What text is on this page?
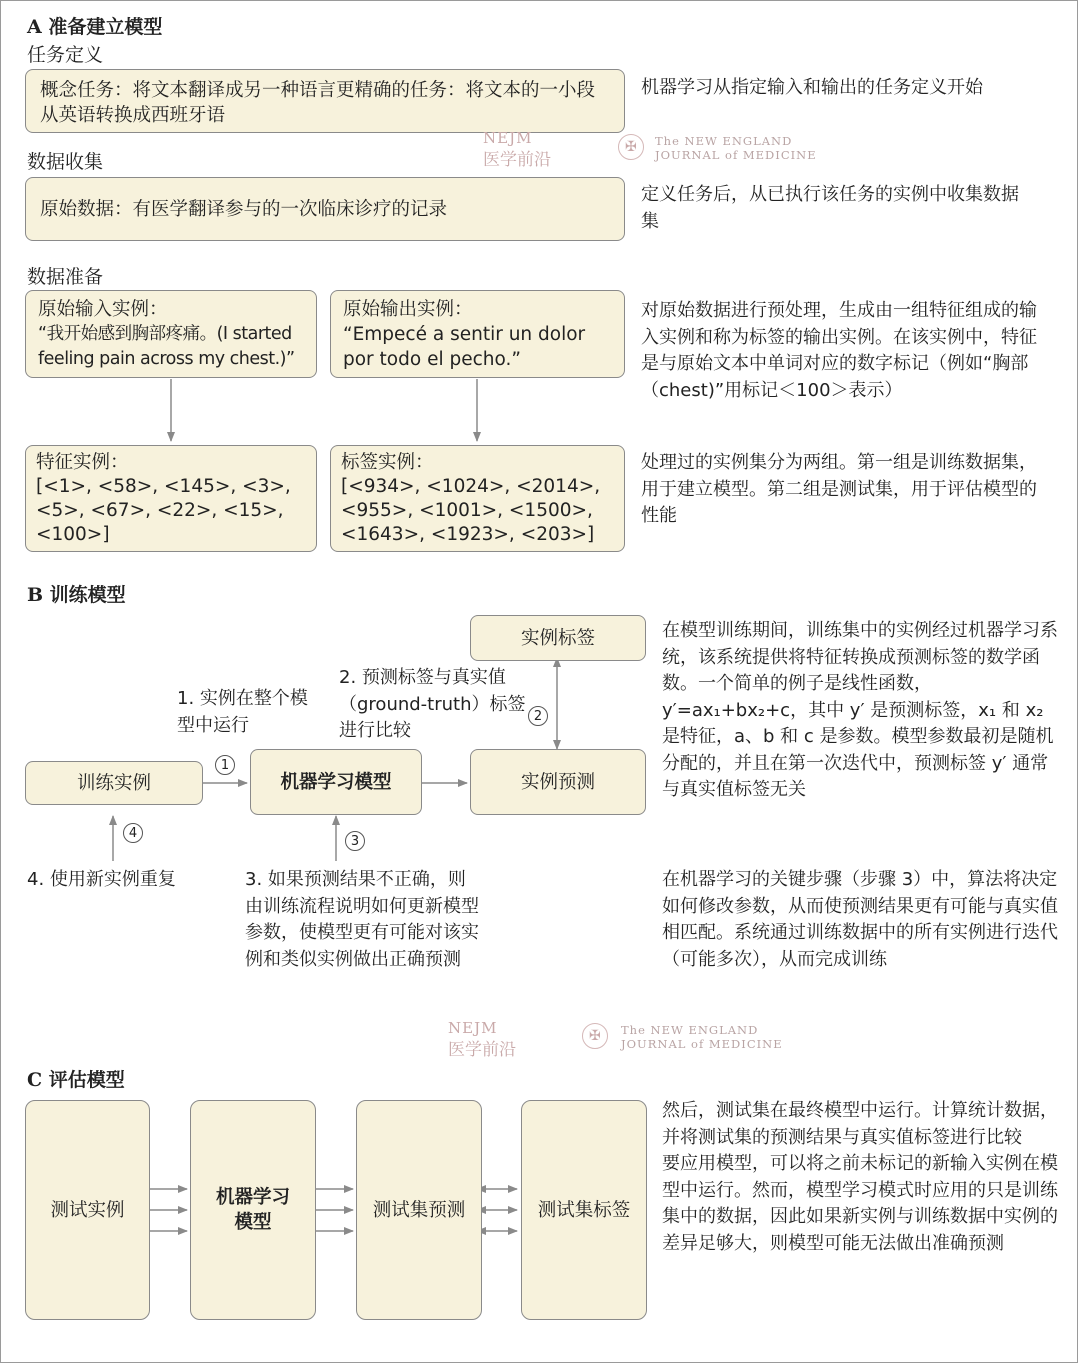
A 准备建立模型
任务定义
概念任务：将文本翻译成另一种语言更精确的任务：将文本的一小段从英语转换成西班牙语
机器学习从指定输入和输出的任务定义开始
数据收集
原始数据：有医学翻译参与的一次临床诊疗的记录
定义任务后，从已执行该任务的实例中收集数据集
数据准备
原始输入实例：
“我开始感到胸部疼痛。(I started feeling pain across my chest.)”
原始输出实例：
“Empecé a sentir un dolor por todo el pecho.”
对原始数据进行预处理，生成由一组特征组成的输入实例和称为标签的输出实例。在该实例中，特征是与原始文本中单词对应的数字标记（例如“胸部（chest)”用标记＜100＞表示）
特征实例：
[<1>, <58>, <145>, <3>, <5>, <67>, <22>, <15>, <100>]
标签实例：
[<934>, <1024>, <2014>, <955>, <1001>, <1500>, <1643>, <1923>, <203>]
处理过的实例集分为两组。第一组是训练数据集，用于建立模型。第二组是测试集，用于评估模型的性能
NEJM
医学前沿
✠	The NEW ENGLAND
JOURNAL of MEDICINE
B 训练模型
实例标签
2. 预测标签与真实值（ground-truth）标签 进行比较
2
1. 实例在整个模型中运行
训练实例
1
机器学习模型	实例预测
4
3
4. 使用新实例重复	3. 如果预测结果不正确，则由训练流程说明如何更新模型参数，使模型更有可能对该实例和类似实例做出正确预测
在模型训练期间，训练集中的实例经过机器学习系统，该系统提供将特征转换成预测标签的数学函数。一个简单的例子是线性函数，y′=ax₁+bx₂+c，其中 y′ 是预测标签，x₁ 和 x₂ 是特征，a、b 和 c 是参数。模型参数最初是随机分配的，并且在第一次迭代中，预测标签 y′ 通常与真实值标签无关
在机器学习的关键步骤（步骤 3）中，算法将决定如何修改参数，从而使预测结果更有可能与真实值相匹配。系统通过训练数据中的所有实例进行迭代（可能多次），从而完成训练
NEJM
医学前沿
✠	The NEW ENGLAND
JOURNAL of MEDICINE
C 评估模型
测试实例
机器学习模型
测试集预测	测试集标签
然后，测试集在最终模型中运行。计算统计数据，并将测试集的预测结果与真实值标签进行比较
要应用模型，可以将之前未标记的新输入实例在模型中运行。然而，模型学习模式时应用的只是训练集中的数据，因此如果新实例与训练数据中实例的差异足够大，则模型可能无法做出准确预测
